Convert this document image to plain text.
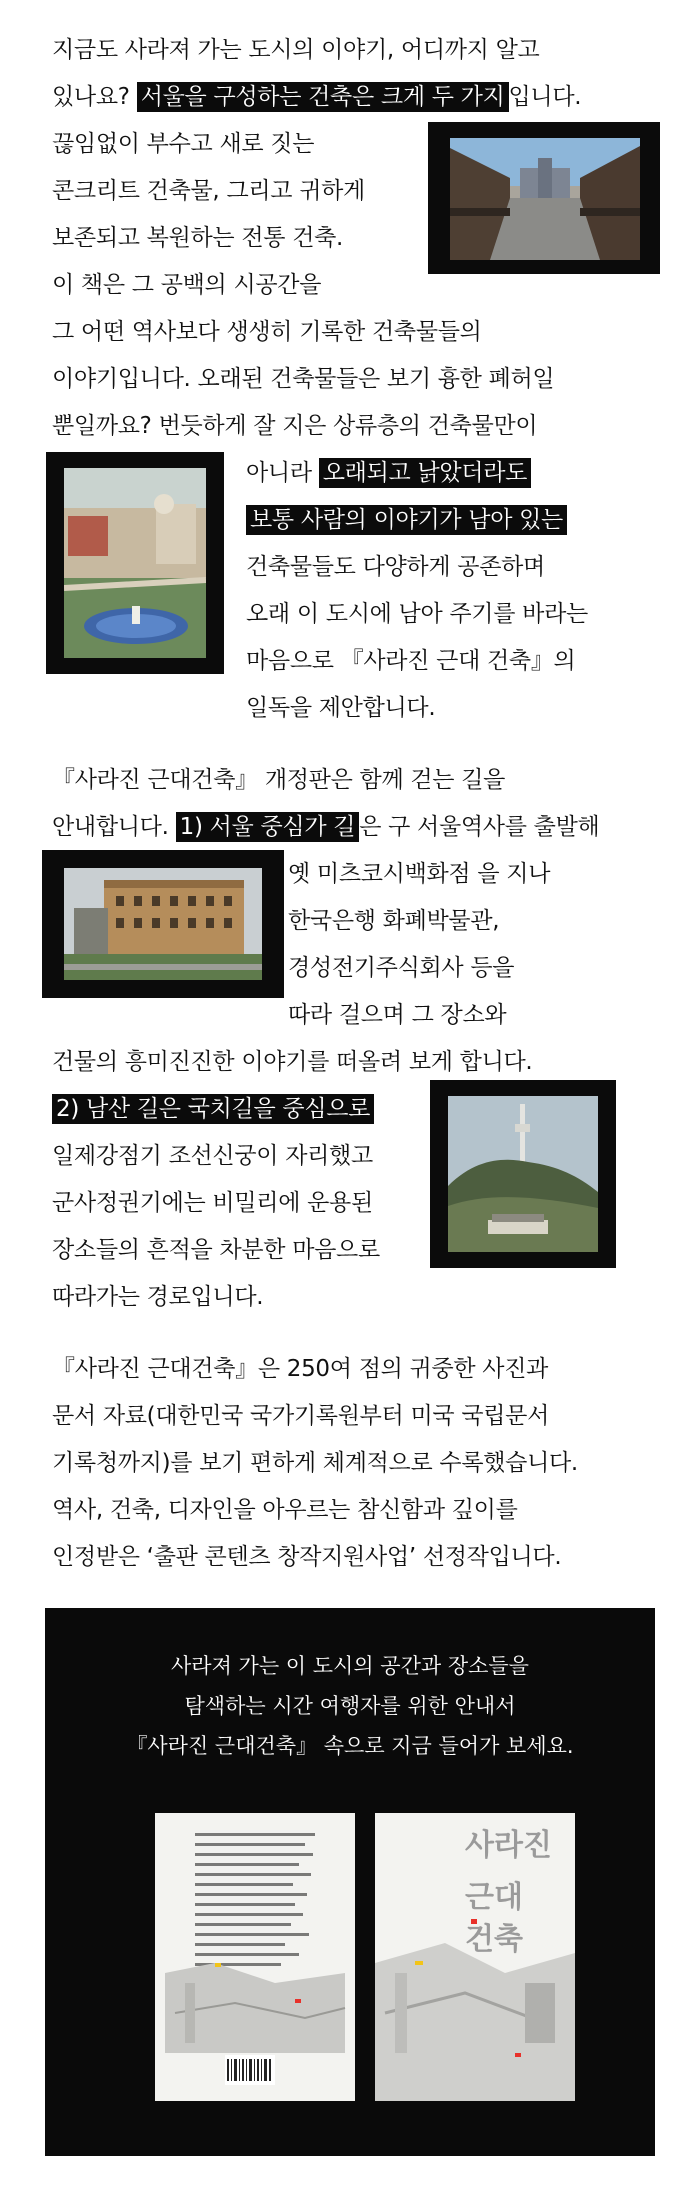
지금도 사라져 가는 도시의 이야기, 어디까지 알고
있나요? 서울을 구성하는 건축은 크게 두 가지 입니다.
끊임없이 부수고 새로 짓는
콘크리트 건축물, 그리고 귀하게
보존되고 복원하는 전통 건축.
이 책은 그 공백의 시공간을
그 어떤 역사보다 생생히 기록한 건축물들의
이야기입니다. 오래된 건축물들은 보기 흉한 폐허일
뿐일까요? 번듯하게 잘 지은 상류층의 건축물만이
아니라 오래되고 낡았더라도
보통 사람의 이야기가 남아 있는
건축물들도 다양하게 공존하며
오래 이 도시에 남아 주기를 바라는
마음으로 『사라진 근대 건축』의
일독을 제안합니다.
『사라진 근대건축』 개정판은 함께 걷는 길을
안내합니다. 1) 서울 중심가 길 은 구 서울역사를 출발해
옛 미츠코시백화점 을 지나
한국은행 화폐박물관,
경성전기주식회사 등을
따라 걸으며 그 장소와
건물의 흥미진진한 이야기를 떠올려 보게 합니다.
2) 남산 길은 국치길을 중심으로
일제강점기 조선신궁이 자리했고
군사정권기에는 비밀리에 운용된
장소들의 흔적을 차분한 마음으로
따라가는 경로입니다.
『사라진 근대건축』은 250여 점의 귀중한 사진과
문서 자료(대한민국 국가기록원부터 미국 국립문서
기록청까지)를 보기 편하게 체계적으로 수록했습니다.
역사, 건축, 디자인을 아우르는 참신함과 깊이를
인정받은 ‘출판 콘텐츠 창작지원사업’ 선정작입니다.
사라져 가는 이 도시의 공간과 장소들을
탐색하는 시간 여행자를 위한 안내서
『사라진 근대건축』 속으로 지금 들어가 보세요.
사라진
근대
건축
